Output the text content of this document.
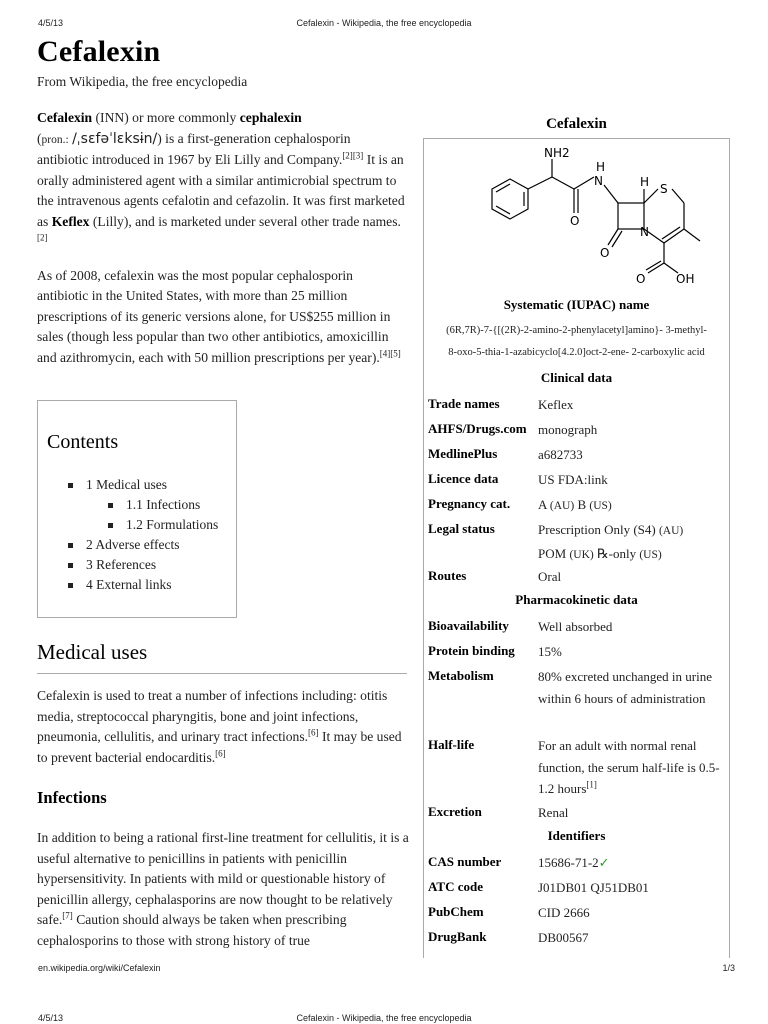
4/5/13	Cefalexin - Wikipedia, the free encyclopedia
Cefalexin
From Wikipedia, the free encyclopedia

Cefalexin (INN) or more commonly cephalexin
(pron.: /ˌsɛfəˈlɛksɨn/) is a first-generation cephalosporin antibiotic introduced in 1967 by Eli Lilly and Company.[2][3] It is an orally administered agent with a similar antimicrobial spectrum to the intravenous agents cefalotin and cefazolin. It was first marketed as Keflex (Lilly), and is marketed under several other trade names.[2]

As of 2008, cefalexin was the most popular cephalosporin antibiotic in the United States, with more than 25 million prescriptions of its generic versions alone, for US$255 million in sales (though less popular than two other antibiotics, amoxicillin and azithromycin, each with 50 million prescriptions per year).[4][5]

Contents
1 Medical uses
1.1 Infections
1.2 Formulations
2 Adverse effects
3 References
4 External links
Medical uses
Cefalexin is used to treat a number of infections including: otitis media, streptococcal pharyngitis, bone and joint infections, pneumonia, cellulitis, and urinary tract infections.[6] It may be used to prevent bacterial endocarditis.[6]
Infections
In addition to being a rational first-line treatment for cellulitis, it is a useful alternative to penicillins in patients with penicillin hypersensitivity. In patients with mild or questionable history of penicillin allergy, cephalasporins are now thought to be relatively safe.[7] Caution should always be taken when prescribing cephalosporins to those with strong history of true
Cefalexin
NH2
H
N	H S
O
O
N
O	OH
Systematic (IUPAC) name
(6R,7R)-7-{[(2R)-2-amino-2-phenylacetyl]amino}- 3-methyl-
8-oxo-5-thia-1-azabicyclo[4.2.0]oct-2-ene- 2-carboxylic acid
Clinical data
Trade names	Keflex
AHFS/Drugs.com monograph
MedlinePlus	a682733
Licence data	US FDA:link
Pregnancy cat.	A (AU) B (US)
Legal status	Prescription Only (S4) (AU)
POM (UK) ℞-only (US)
Routes	Oral
Pharmacokinetic data
Bioavailability	Well absorbed
Protein binding	15%
Metabolism	80% excreted unchanged in urine within 6 hours of administration
Half-life	For an adult with normal renal function, the serum half-life is 0.5-1.2 hours[1]
Excretion	Renal
Identifiers
CAS number	15686-71-2✓
ATC code	J01DB01 QJ51DB01
PubChem	CID 2666
DrugBank	DB00567
en.wikipedia.org/wiki/Cefalexin	1/3
4/5/13	Cefalexin - Wikipedia, the free encyclopedia
